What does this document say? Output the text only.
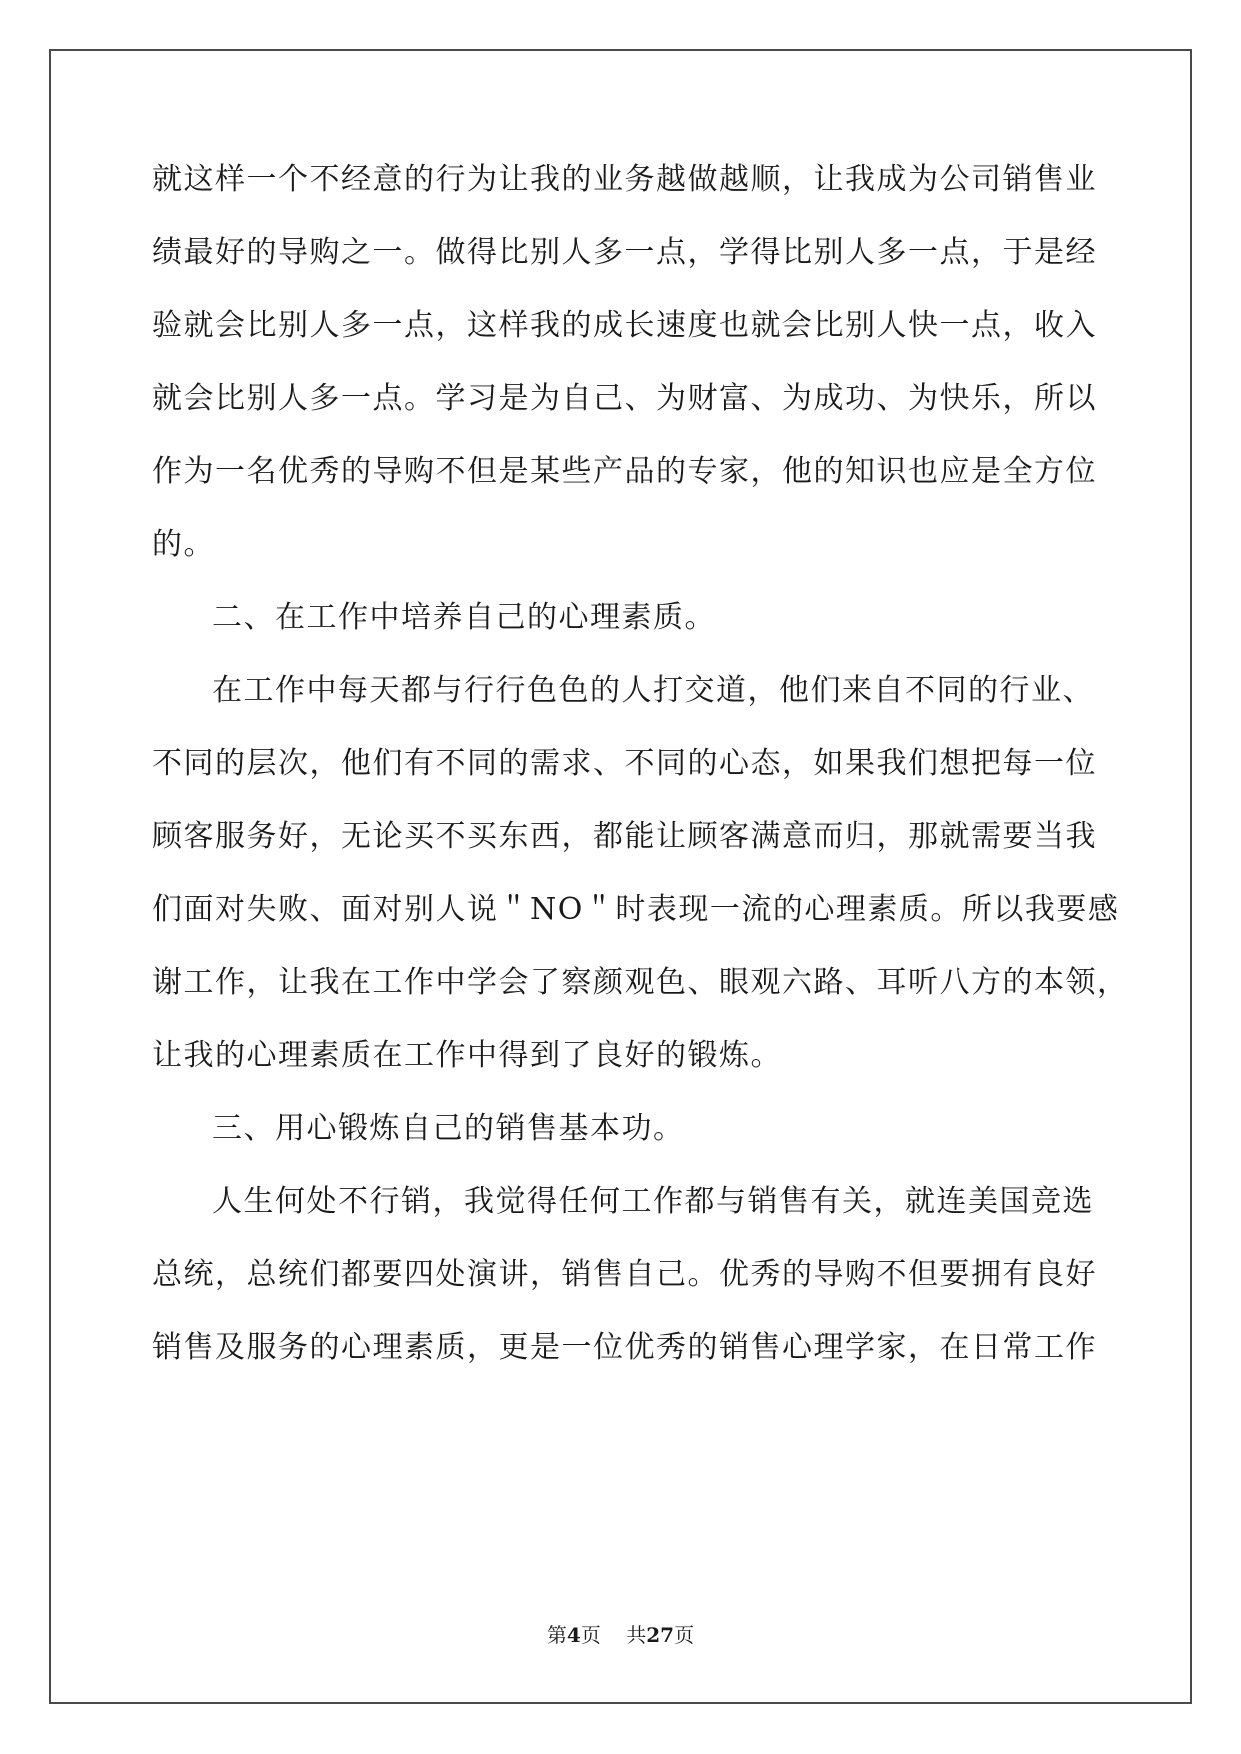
就这样一个不经意的行为让我的业务越做越顺，让我成为公司销售业
绩最好的导购之一。做得比别人多一点，学得比别人多一点，于是经
验就会比别人多一点，这样我的成长速度也就会比别人快一点，收入
就会比别人多一点。学习是为自己、为财富、为成功、为快乐，所以
作为一名优秀的导购不但是某些产品的专家，他的知识也应是全方位
的。
二、在工作中培养自己的心理素质。
在工作中每天都与行行色色的人打交道，他们来自不同的行业、
不同的层次，他们有不同的需求、不同的心态，如果我们想把每一位
顾客服务好，无论买不买东西，都能让顾客满意而归，那就需要当我
们面对失败、面对别人说＂NO＂时表现一流的心理素质。所以我要感
谢工作，让我在工作中学会了察颜观色、眼观六路、耳听八方的本领，
让我的心理素质在工作中得到了良好的锻炼。
三、用心锻炼自己的销售基本功。
人生何处不行销，我觉得任何工作都与销售有关，就连美国竞选
总统，总统们都要四处演讲，销售自己。优秀的导购不但要拥有良好
销售及服务的心理素质，更是一位优秀的销售心理学家，在日常工作
第4页 共27页
